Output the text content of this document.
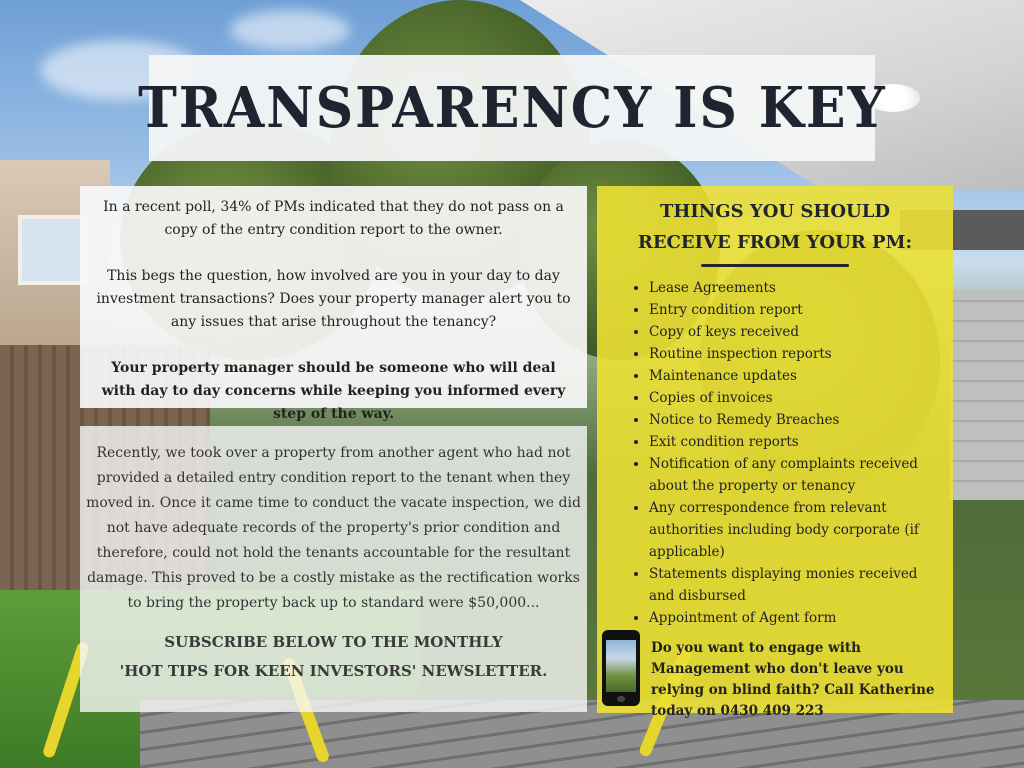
TRANSPARENCY IS KEY

In a recent poll, 34% of PMs indicated that they do not pass on a copy of the entry condition report to the owner.

This begs the question, how involved are you in your day to day investment transactions? Does your property manager alert you to any issues that arise throughout the tenancy?

Your property manager should be someone who will deal with day to day concerns while keeping you informed every step of the way.

Recently, we took over a property from another agent who had not provided a detailed entry condition report to the tenant when they moved in. Once it came time to conduct the vacate inspection, we did not have adequate records of the property's prior condition and therefore, could not hold the tenants accountable for the resultant damage. This proved to be a costly mistake as the rectification works to bring the property back up to standard were $50,000...

SUBSCRIBE BELOW TO THE MONTHLY
'HOT TIPS FOR KEEN INVESTORS' NEWSLETTER.
THINGS YOU SHOULD RECEIVE FROM YOUR PM:
• Lease Agreements
• Entry condition report
• Copy of keys received
• Routine inspection reports
• Maintenance updates
• Copies of invoices
• Notice to Remedy Breaches
• Exit condition reports
• Notification of any complaints received about the property or tenancy
• Any correspondence from relevant authorities including body corporate (if applicable)
• Statements displaying monies received and disbursed
• Appointment of Agent form
Do you want to engage with Management who don't leave you relying on blind faith? Call Katherine today on 0430 409 223
